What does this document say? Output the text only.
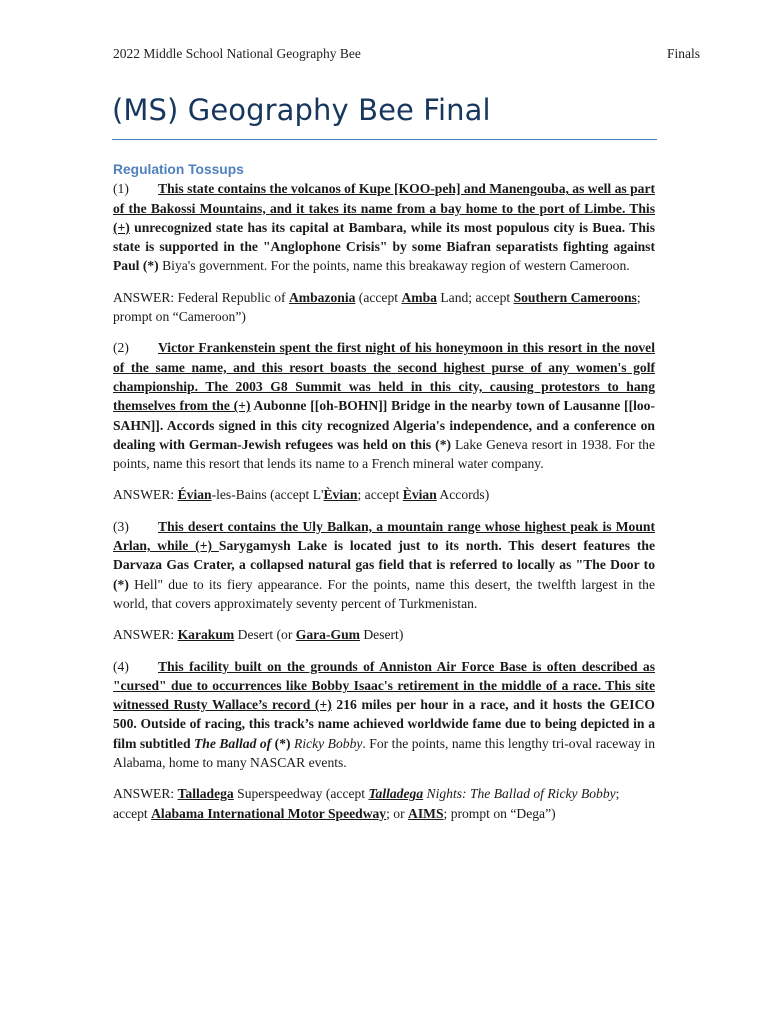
2022 Middle School National Geography Bee	Finals
(MS) Geography Bee Final

Regulation Tossups

(1) This state contains the volcanos of Kupe [KOO-peh] and Manengouba, as well as part of the Bakossi Mountains, and it takes its name from a bay home to the port of Limbe. This (+) unrecognized state has its capital at Bambara, while its most populous city is Buea. This state is supported in the "Anglophone Crisis" by some Biafran separatists fighting against Paul (*) Biya's government. For the points, name this breakaway region of western Cameroon.

ANSWER: Federal Republic of Ambazonia (accept Amba Land; accept Southern Cameroons; prompt on “Cameroon”)

(2) Victor Frankenstein spent the first night of his honeymoon in this resort in the novel of the same name, and this resort boasts the second highest purse of any women's golf championship. The 2003 G8 Summit was held in this city, causing protestors to hang themselves from the (+) Aubonne [[oh-BOHN]] Bridge in the nearby town of Lausanne [[loo-SAHN]]. Accords signed in this city recognized Algeria's independence, and a conference on dealing with German-Jewish refugees was held on this (*) Lake Geneva resort in 1938. For the points, name this resort that lends its name to a French mineral water company.

ANSWER: Évian-les-Bains (accept L'Èvian; accept Èvian Accords)

(3) This desert contains the Uly Balkan, a mountain range whose highest peak is Mount Arlan, while (+) Sarygamysh Lake is located just to its north. This desert features the Darvaza Gas Crater, a collapsed natural gas field that is referred to locally as "The Door to (*) Hell" due to its fiery appearance. For the points, name this desert, the twelfth largest in the world, that covers approximately seventy percent of Turkmenistan.

ANSWER: Karakum Desert (or Gara-Gum Desert)

(4) This facility built on the grounds of Anniston Air Force Base is often described as "cursed" due to occurrences like Bobby Isaac's retirement in the middle of a race. This site witnessed Rusty Wallace’s record (+) 216 miles per hour in a race, and it hosts the GEICO 500. Outside of racing, this track’s name achieved worldwide fame due to being depicted in a film subtitled The Ballad of (*) Ricky Bobby. For the points, name this lengthy tri-oval raceway in Alabama, home to many NASCAR events.

ANSWER: Talladega Superspeedway (accept Talladega Nights: The Ballad of Ricky Bobby; accept Alabama International Motor Speedway; or AIMS; prompt on “Dega”)
